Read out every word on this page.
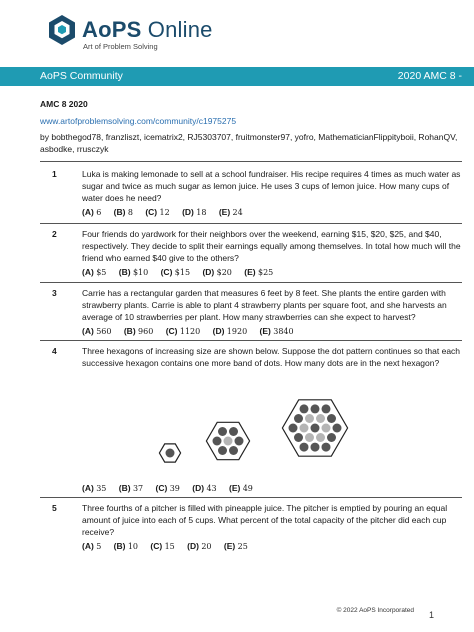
AoPS Online
Art of Problem Solving
AoPS Community	2020 AMC 8 -
AMC 8 2020
www.artofproblemsolving.com/community/c1975275
by bobthegod78, franzliszt, icematrix2, RJ5303707, fruitmonster97, yofro, MathematicianFlippityboii, RohanQV, asbodke, rrusczyk
1	Luka is making lemonade to sell at a school fundraiser. His recipe requires 4 times as much water as sugar and twice as much sugar as lemon juice. He uses 3 cups of lemon juice. How many cups of water does he need?
(A) 6 (B) 8 (C) 12 (D) 18 (E) 24
2	Four friends do yardwork for their neighbors over the weekend, earning $15, $20, $25, and $40, respectively. They decide to split their earnings equally among themselves. In total how much will the friend who earned $40 give to the others?
(A) $5 (B) $10 (C) $15 (D) $20 (E) $25
3	Carrie has a rectangular garden that measures 6 feet by 8 feet. She plants the entire garden with strawberry plants. Carrie is able to plant 4 strawberry plants per square foot, and she harvests an average of 10 strawberries per plant. How many strawberries can she expect to harvest?
(A) 560 (B) 960 (C) 1120 (D) 1920 (E) 3840
4	Three hexagons of increasing size are shown below. Suppose the dot pattern continues so that each successive hexagon contains one more band of dots. How many dots are in the next hexagon?
(A) 35 (B) 37 (C) 39 (D) 43 (E) 49
5	Three fourths of a pitcher is filled with pineapple juice. The pitcher is emptied by pouring an equal amount of juice into each of 5 cups. What percent of the total capacity of the pitcher did each cup receive?
(A) 5 (B) 10 (C) 15 (D) 20 (E) 25
© 2022 AoPS Incorporated 1
